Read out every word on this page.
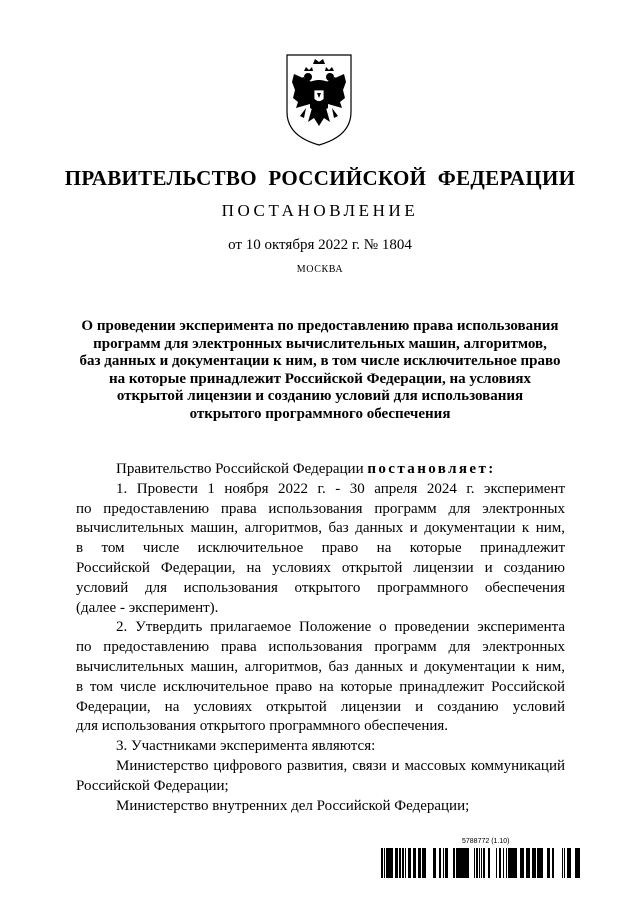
ПРАВИТЕЛЬСТВО РОССИЙСКОЙ ФЕДЕРАЦИИ
ПОСТАНОВЛЕНИЕ
от 10 октября 2022 г. № 1804
МОСКВА
О проведении эксперимента по предоставлению права использования
программ для электронных вычислительных машин, алгоритмов,
баз данных и документации к ним, в том числе исключительное право
на которые принадлежит Российской Федерации, на условиях
открытой лицензии и созданию условий для использования
открытого программного обеспечения
Правительство Российской Федерации постановляет:
1. Провести 1 ноября 2022 г. - 30 апреля 2024 г. эксперимент
по предоставлению права использования программ для электронных
вычислительных машин, алгоритмов, баз данных и документации к ним,
в том числе исключительное право на которые принадлежит
Российской Федерации, на условиях открытой лицензии и созданию
условий для использования открытого программного обеспечения
(далее - эксперимент).
2. Утвердить прилагаемое Положение о проведении эксперимента
по предоставлению права использования программ для электронных
вычислительных машин, алгоритмов, баз данных и документации к ним,
в том числе исключительное право на которые принадлежит Российской
Федерации, на условиях открытой лицензии и созданию условий
для использования открытого программного обеспечения.
3. Участниками эксперимента являются:
Министерство цифрового развития, связи и массовых коммуникаций
Российской Федерации;
Министерство внутренних дел Российской Федерации;
5788772 (1.10)
